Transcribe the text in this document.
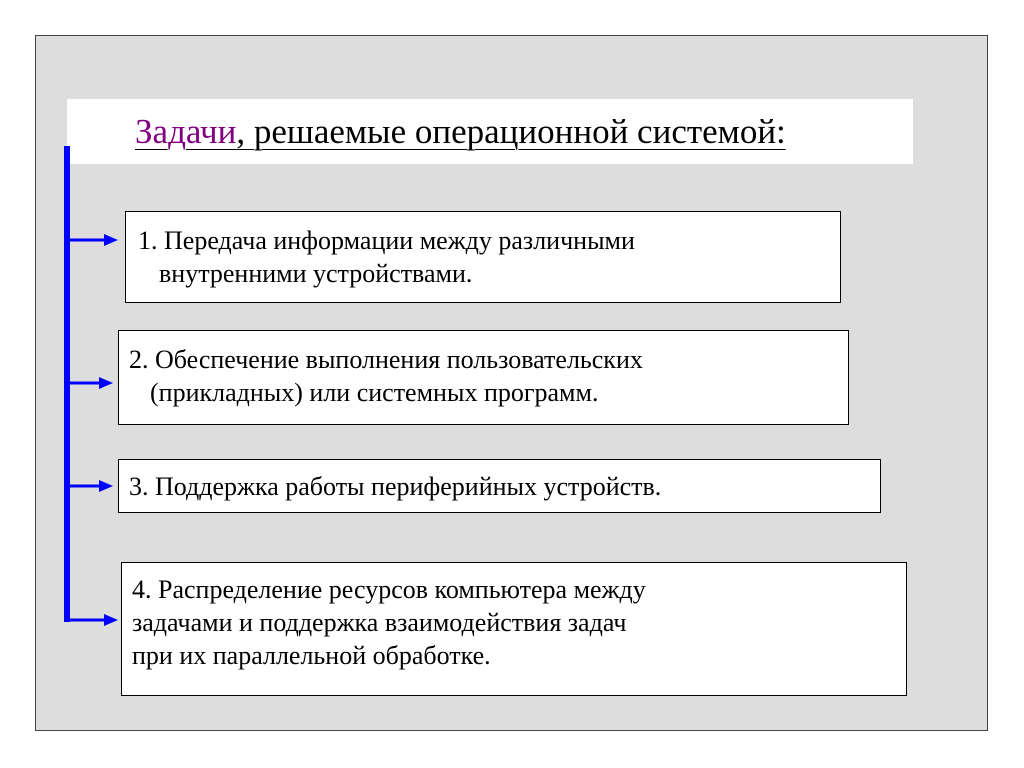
Задачи, решаемые операционной системой:
1. Передача информации между различными
внутренними устройствами.
2. Обеспечение выполнения пользовательских
(прикладных) или системных программ.
3. Поддержка работы периферийных устройств.
4. Распределение ресурсов компьютера между
задачами и поддержка взаимодействия задач
при их параллельной обработке.
